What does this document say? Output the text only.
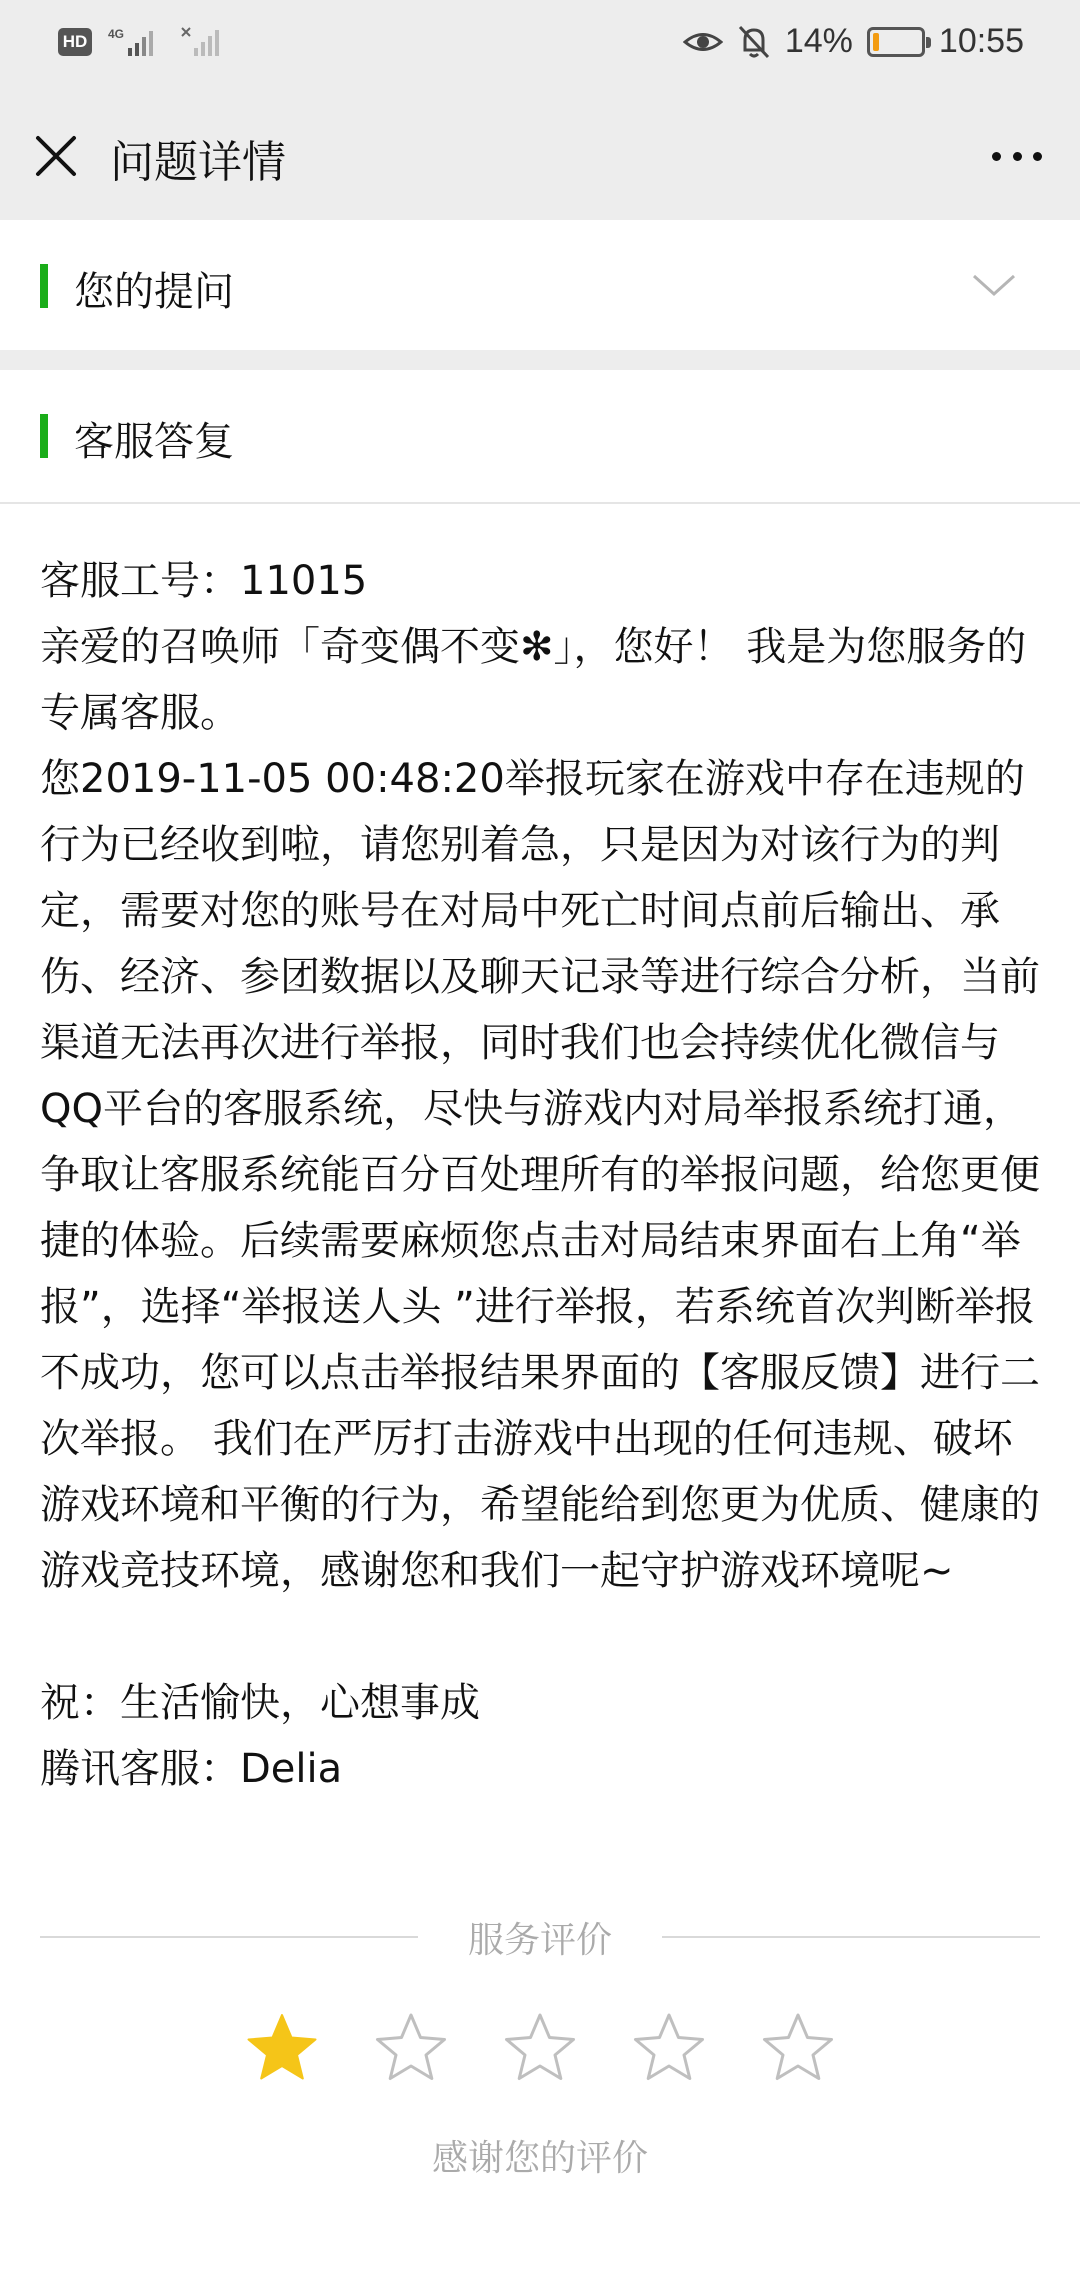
HD	4G	14%	10:55
问题详情
您的提问
客服答复

客服工号：11015

亲爱的召唤师「奇变偶不变✻」，您好！ 我是为您服务的专属客服。

您2019-11-05 00:48:20举报玩家在游戏中存在违规的行为已经收到啦，请您别着急，只是因为对该行为的判定，需要对您的账号在对局中死亡时间点前后输出、承伤、经济、参团数据以及聊天记录等进行综合分析，当前渠道无法再次进行举报，同时我们也会持续优化微信与QQ平台的客服系统，尽快与游戏内对局举报系统打通，争取让客服系统能百分百处理所有的举报问题，给您更便捷的体验。后续需要麻烦您点击对局结束界面右上角“举报”，选择“举报送人头 ”进行举报，若系统首次判断举报不成功，您可以点击举报结果界面的【客服反馈】进行二次举报。 我们在严厉打击游戏中出现的任何违规、破坏游戏环境和平衡的行为，希望能给到您更为优质、健康的游戏竞技环境，感谢您和我们一起守护游戏环境呢~

祝：生活愉快，心想事成

腾讯客服：Delia

服务评价
感谢您的评价
